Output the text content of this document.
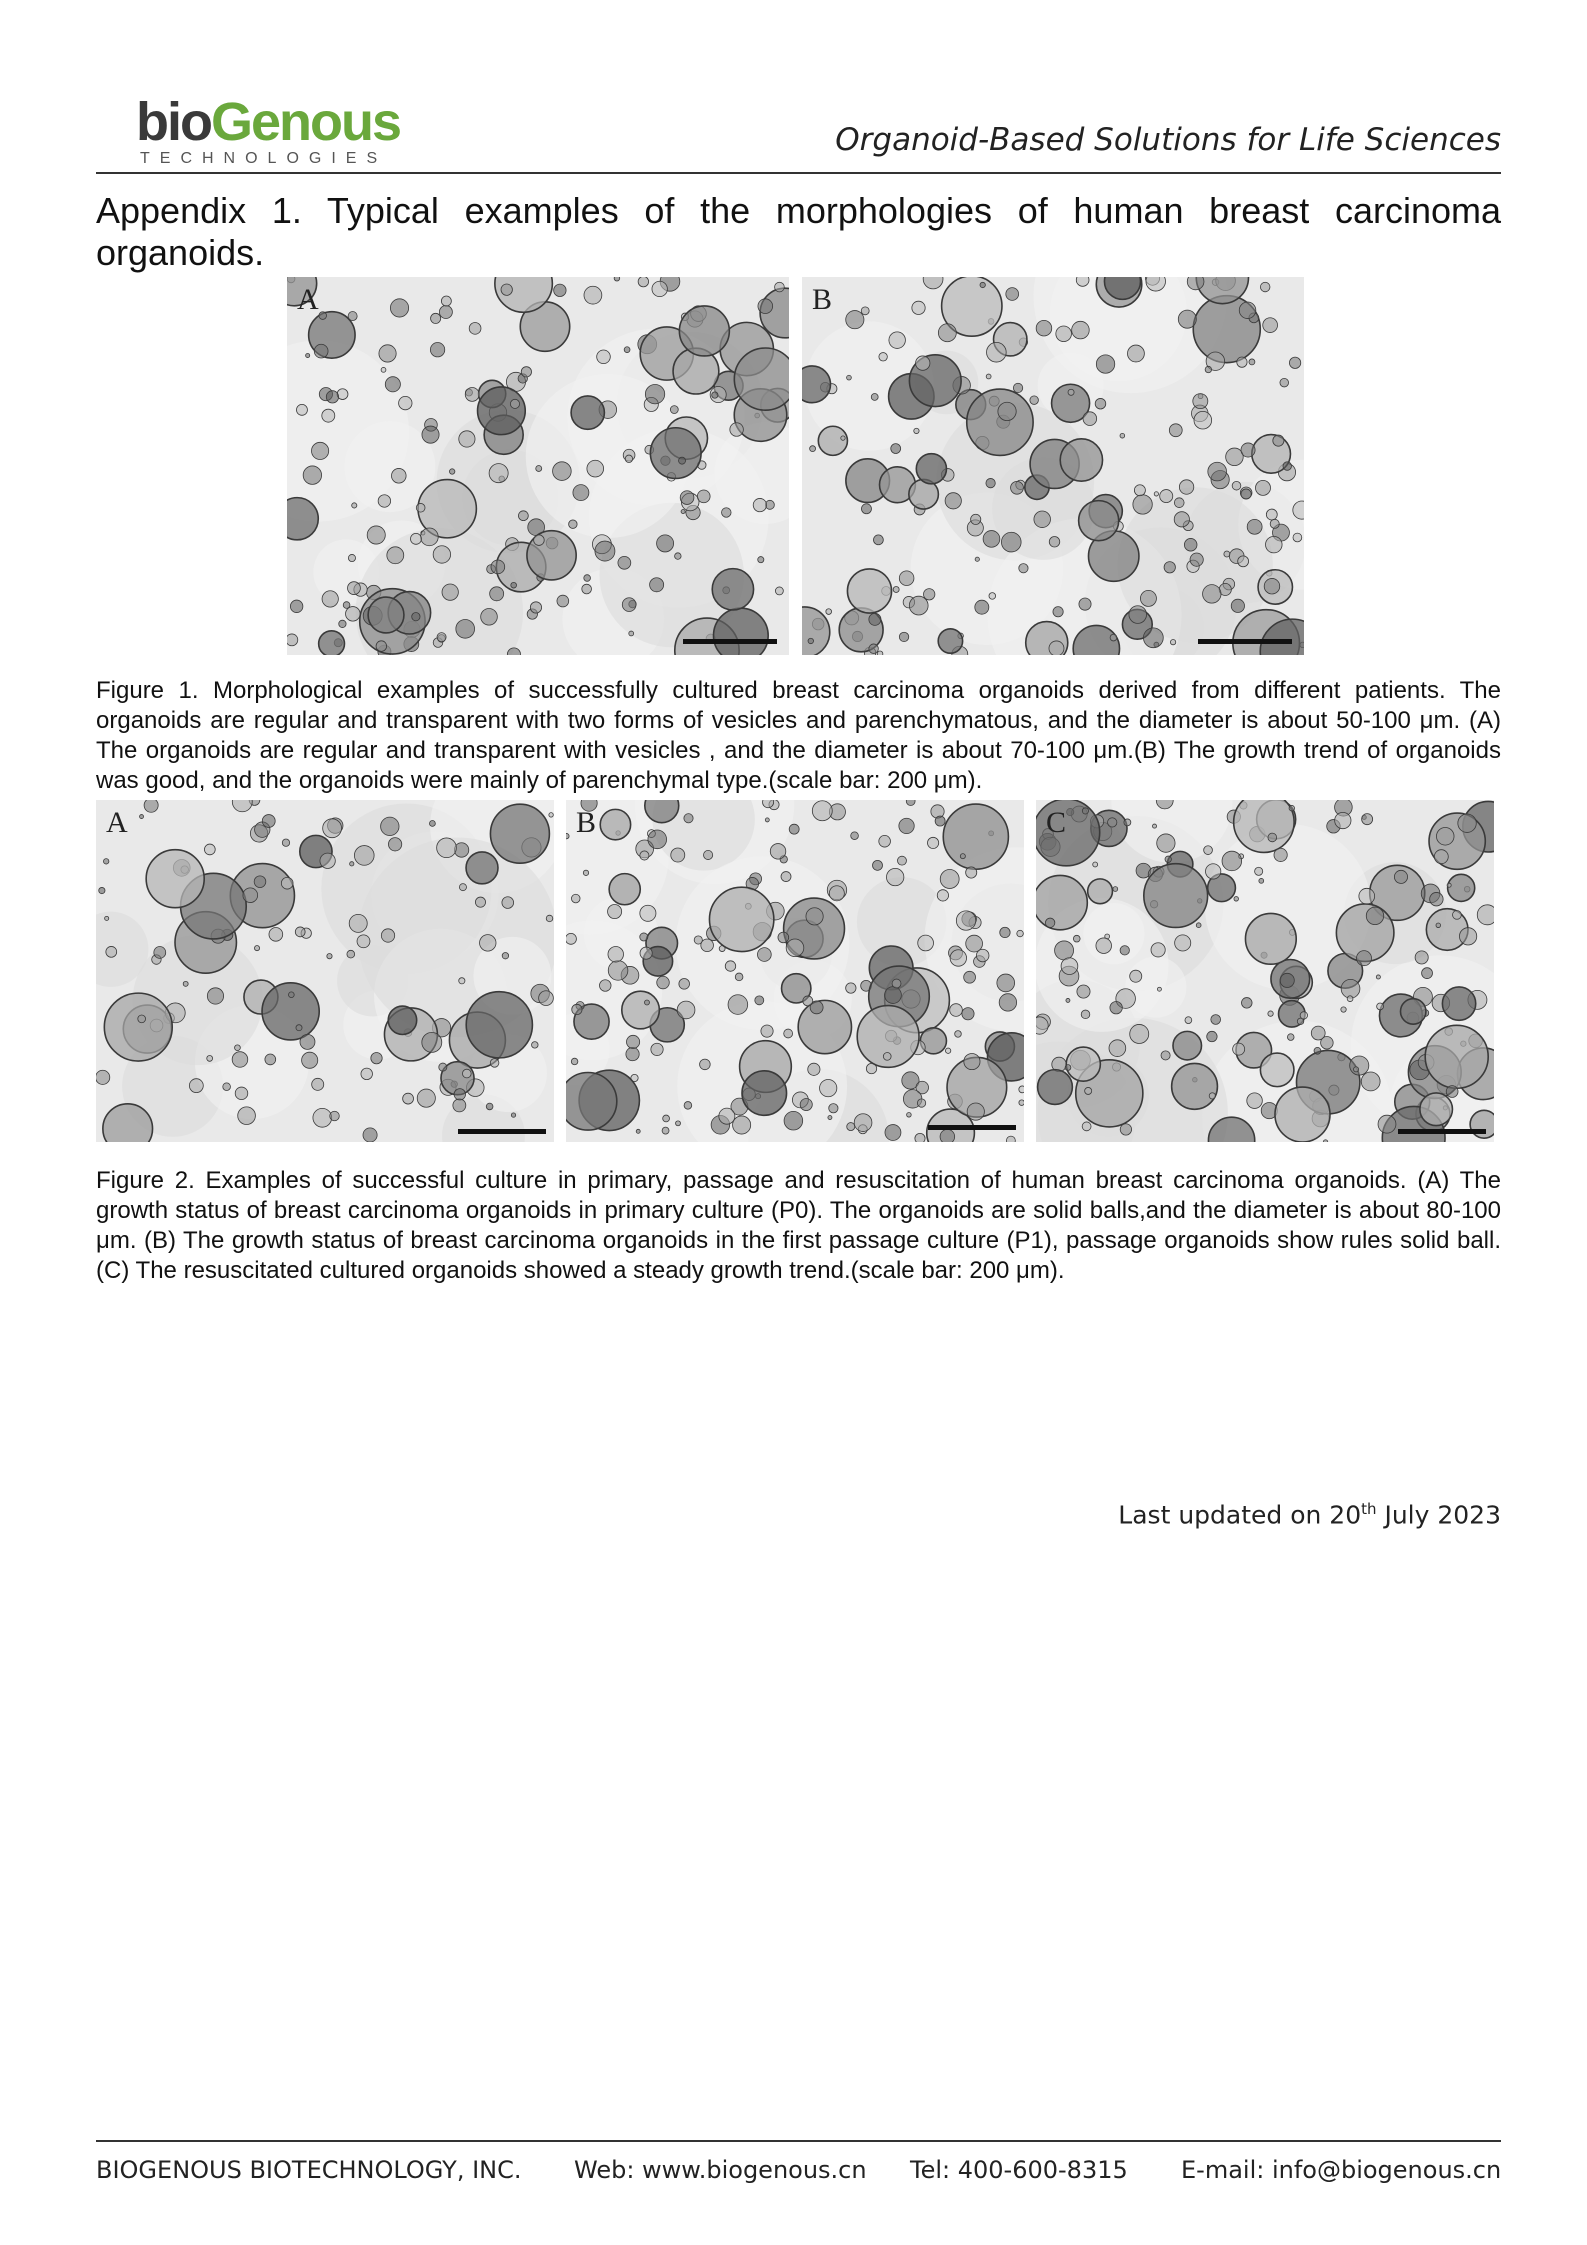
bioGenous
TECHNOLOGIES
Organoid-Based Solutions for Life Sciences
Appendix 1. Typical examples of the morphologies of human breast carcinoma organoids.
A	B
Figure 1. Morphological examples of successfully cultured breast carcinoma organoids derived from different patients. The organoids are regular and transparent with two forms of vesicles and parenchymatous, and the diameter is about 50-100 μm. (A) The organoids are regular and transparent with vesicles , and the diameter is about 70-100 μm.(B) The growth trend of organoids was good, and the organoids were mainly of parenchymal type.(scale bar: 200 μm).
A	B	C
Figure 2. Examples of successful culture in primary, passage and resuscitation of human breast carcinoma organoids. (A) The growth status of breast carcinoma organoids in primary culture (P0). The organoids are solid balls,and the diameter is about 80-100 μm. (B) The growth status of breast carcinoma organoids in the first passage culture (P1), passage organoids show rules solid ball. (C) The resuscitated cultured organoids showed a steady growth trend.(scale bar: 200 μm).
Last updated on 20th July 2023
BIOGENOUS BIOTECHNOLOGY, INC. Web: www.biogenous.cn Tel: 400-600-8315 E-mail: info@biogenous.cn
